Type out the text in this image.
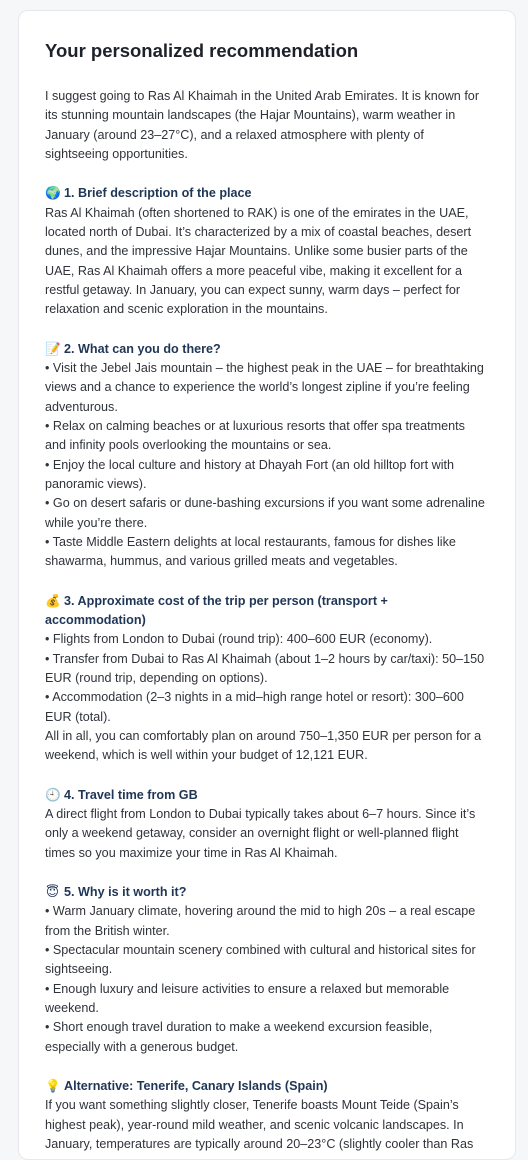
Your personalized recommendation

I suggest going to Ras Al Khaimah in the United Arab Emirates. It is known for its stunning mountain landscapes (the Hajar Mountains), warm weather in January (around 23–27°C), and a relaxed atmosphere with plenty of sightseeing opportunities.

🌍 1. Brief description of the place

Ras Al Khaimah (often shortened to RAK) is one of the emirates in the UAE, located north of Dubai. It’s characterized by a mix of coastal beaches, desert dunes, and the impressive Hajar Mountains. Unlike some busier parts of the UAE, Ras Al Khaimah offers a more peaceful vibe, making it excellent for a restful getaway. In January, you can expect sunny, warm days – perfect for relaxation and scenic exploration in the mountains.

📝 2. What can you do there?

• Visit the Jebel Jais mountain – the highest peak in the UAE – for breathtaking views and a chance to experience the world’s longest zipline if you’re feeling adventurous.

• Relax on calming beaches or at luxurious resorts that offer spa treatments and infinity pools overlooking the mountains or sea.

• Enjoy the local culture and history at Dhayah Fort (an old hilltop fort with panoramic views).

• Go on desert safaris or dune-bashing excursions if you want some adrenaline while you’re there.

• Taste Middle Eastern delights at local restaurants, famous for dishes like shawarma, hummus, and various grilled meats and vegetables.

💰 3. Approximate cost of the trip per person (transport + accommodation)

• Flights from London to Dubai (round trip): 400–600 EUR (economy).

• Transfer from Dubai to Ras Al Khaimah (about 1–2 hours by car/taxi): 50–150 EUR (round trip, depending on options).

• Accommodation (2–3 nights in a mid–high range hotel or resort): 300–600 EUR (total).

All in all, you can comfortably plan on around 750–1,350 EUR per person for a weekend, which is well within your budget of 12,121 EUR.

🕘 4. Travel time from GB

A direct flight from London to Dubai typically takes about 6–7 hours. Since it’s only a weekend getaway, consider an overnight flight or well-planned flight times so you maximize your time in Ras Al Khaimah.

😇 5. Why is it worth it?

• Warm January climate, hovering around the mid to high 20s – a real escape from the British winter.

• Spectacular mountain scenery combined with cultural and historical sites for sightseeing.

• Enough luxury and leisure activities to ensure a relaxed but memorable weekend.

• Short enough travel duration to make a weekend excursion feasible, especially with a generous budget.

💡 Alternative: Tenerife, Canary Islands (Spain)

If you want something slightly closer, Tenerife boasts Mount Teide (Spain’s highest peak), year-round mild weather, and scenic volcanic landscapes. In January, temperatures are typically around 20–23°C (slightly cooler than Ras
